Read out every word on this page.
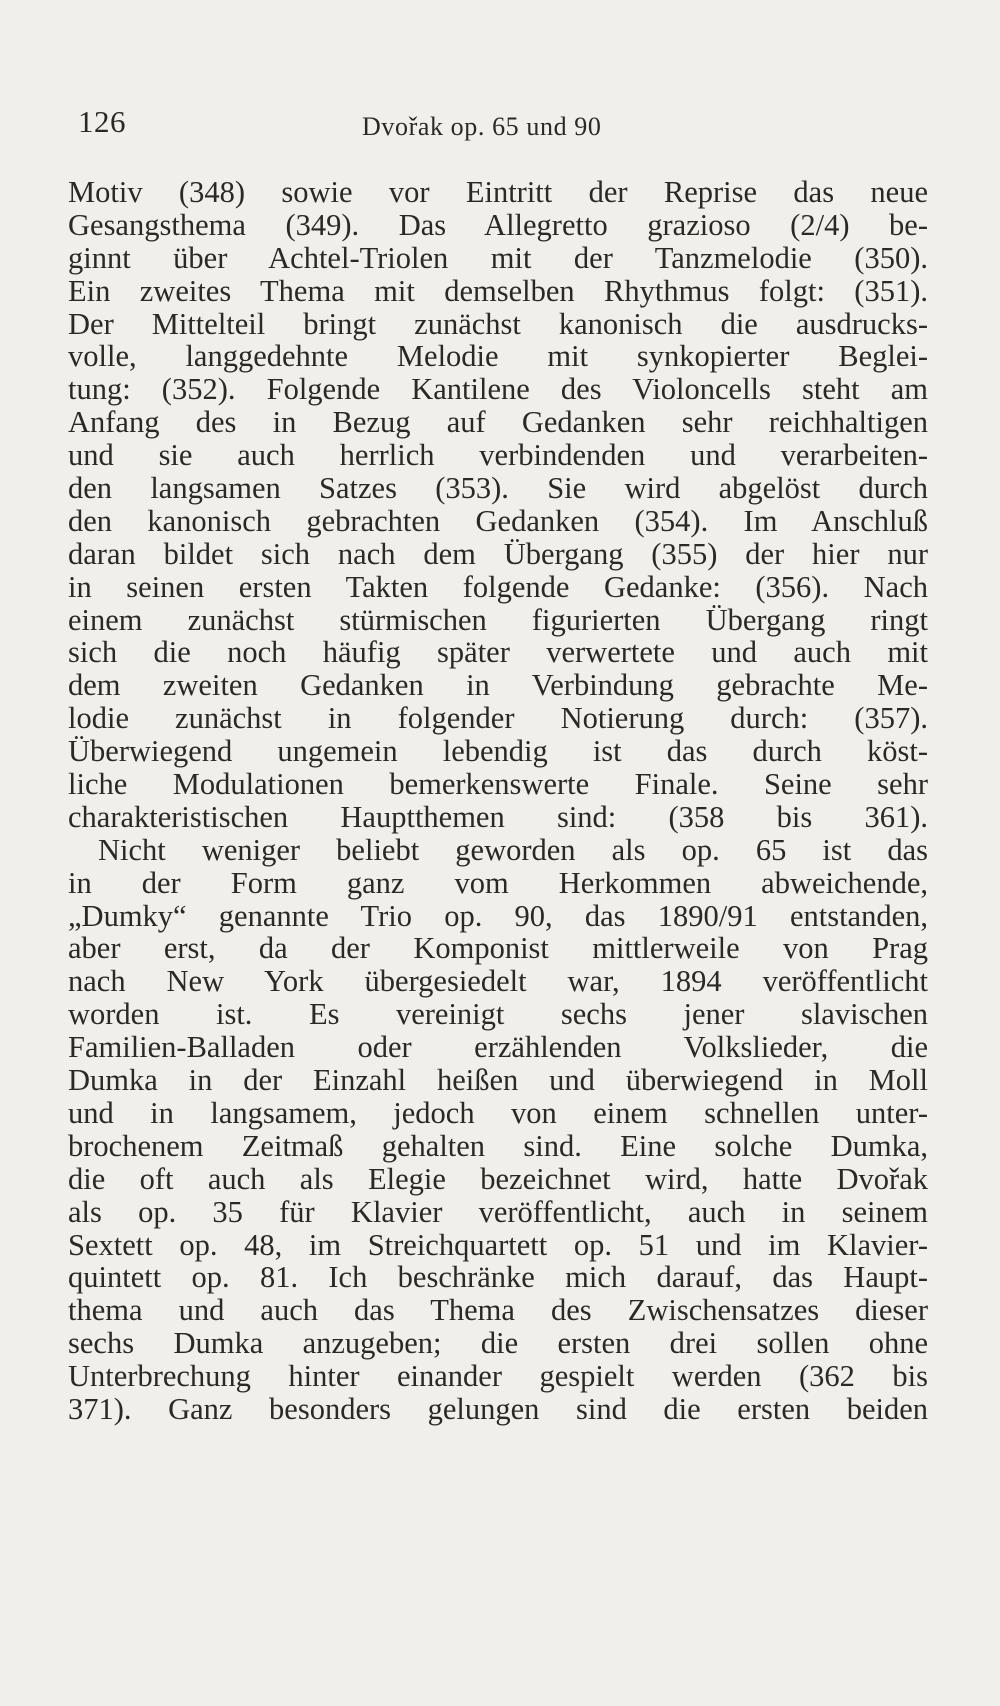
126	Dvořak op. 65 und 90
Motiv (348) sowie vor Eintritt der Reprise das neue
Gesangsthema (349). Das Allegretto grazioso (2/4) be-
ginnt über Achtel-Triolen mit der Tanzmelodie (350).
Ein zweites Thema mit demselben Rhythmus folgt: (351).
Der Mittelteil bringt zunächst kanonisch die ausdrucks-
volle, langgedehnte Melodie mit synkopierter Beglei-
tung: (352). Folgende Kantilene des Violoncells steht am
Anfang des in Bezug auf Gedanken sehr reichhaltigen
und sie auch herrlich verbindenden und verarbeiten-
den langsamen Satzes (353). Sie wird abgelöst durch
den kanonisch gebrachten Gedanken (354). Im Anschluß
daran bildet sich nach dem Übergang (355) der hier nur
in seinen ersten Takten folgende Gedanke: (356). Nach
einem zunächst stürmischen figurierten Übergang ringt
sich die noch häufig später verwertete und auch mit
dem zweiten Gedanken in Verbindung gebrachte Me-
lodie zunächst in folgender Notierung durch: (357).
Überwiegend ungemein lebendig ist das durch köst-
liche Modulationen bemerkenswerte Finale. Seine sehr
charakteristischen Hauptthemen sind: (358 bis 361).
Nicht weniger beliebt geworden als op. 65 ist das
in der Form ganz vom Herkommen abweichende,
„Dumky“ genannte Trio op. 90, das 1890/91 entstanden,
aber erst, da der Komponist mittlerweile von Prag
nach New York übergesiedelt war, 1894 veröffentlicht
worden ist. Es vereinigt sechs jener slavischen
Familien-Balladen oder erzählenden Volkslieder, die
Dumka in der Einzahl heißen und überwiegend in Moll
und in langsamem, jedoch von einem schnellen unter-
brochenem Zeitmaß gehalten sind. Eine solche Dumka,
die oft auch als Elegie bezeichnet wird, hatte Dvořak
als op. 35 für Klavier veröffentlicht, auch in seinem
Sextett op. 48, im Streichquartett op. 51 und im Klavier-
quintett op. 81. Ich beschränke mich darauf, das Haupt-
thema und auch das Thema des Zwischensatzes dieser
sechs Dumka anzugeben; die ersten drei sollen ohne
Unterbrechung hinter einander gespielt werden (362 bis
371). Ganz besonders gelungen sind die ersten beiden
